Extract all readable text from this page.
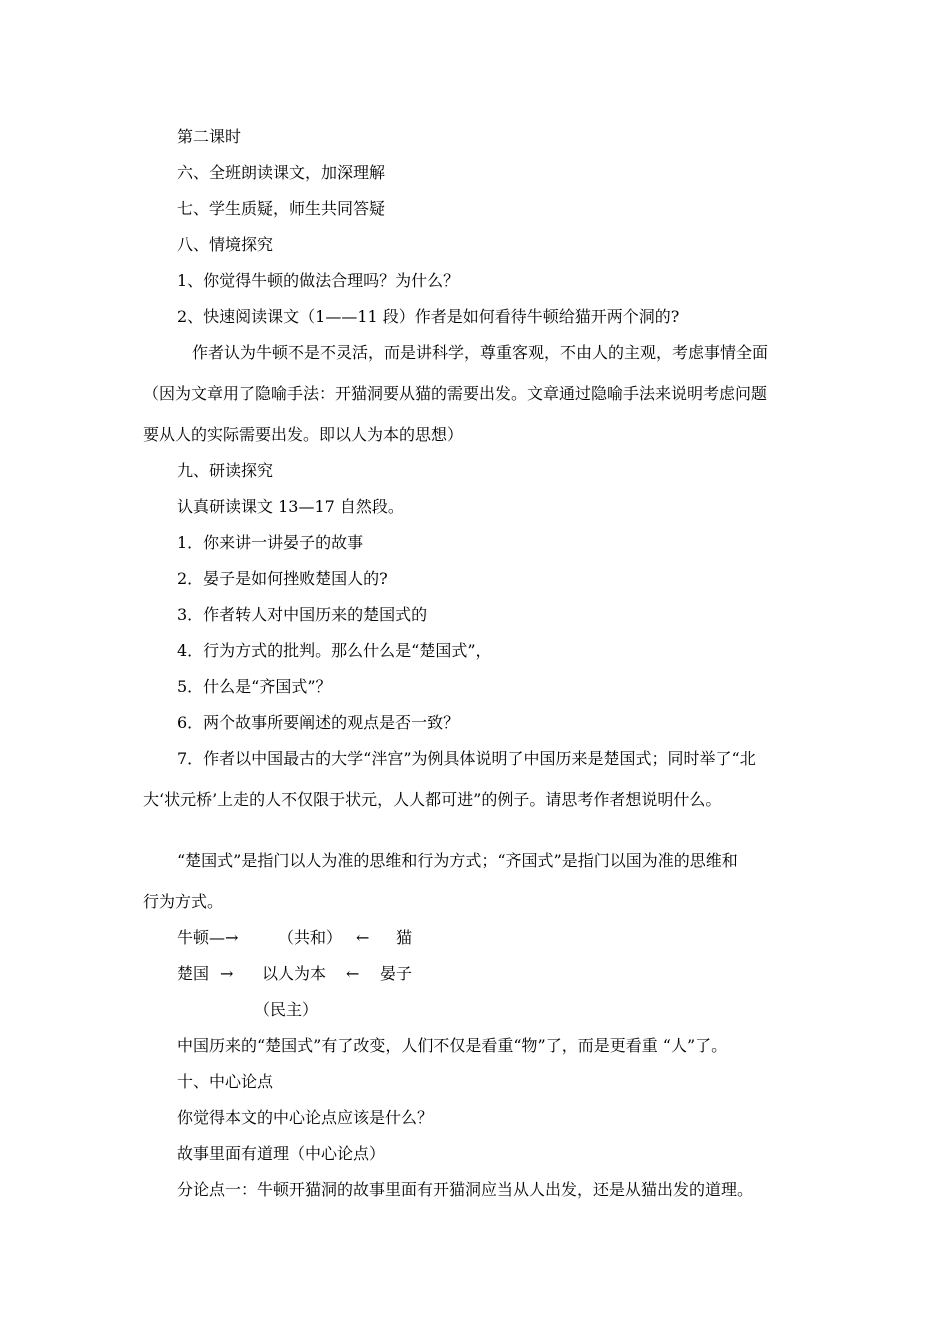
第二课时
六、全班朗读课文，加深理解
七、学生质疑，师生共同答疑
八、情境探究
1、你觉得牛顿的做法合理吗？为什么？
2、快速阅读课文（1——11 段）作者是如何看待牛顿给猫开两个洞的?
作者认为牛顿不是不灵活，而是讲科学，尊重客观，不由人的主观，考虑事情全面
（因为文章用了隐喻手法：开猫洞要从猫的需要出发。文章通过隐喻手法来说明考虑问题
要从人的实际需要出发。即以人为本的思想）
九、研读探究
认真研读课文 13—17 自然段。
1．你来讲一讲晏子的故事
2．晏子是如何挫败楚国人的?
3．作者转人对中国历来的楚国式的
4．行为方式的批判。那么什么是“楚国式”，
5．什么是“齐国式”？
6．两个故事所要阐述的观点是否一致？
7．作者以中国最古的大学“泮宫”为例具体说明了中国历来是楚国式；同时举了“北
大‘状元桥’上走的人不仅限于状元，人人都可进”的例子。请思考作者想说明什么。
“楚国式”是指门以人为准的思维和行为方式；“齐国式”是指门以国为准的思维和
行为方式。
牛顿—→ （共和） ← 猫
楚国 → 以人为本 ← 晏子
（民主）
中国历来的“楚国式”有了改变，人们不仅是看重“物”了，而是更看重 “人”了。
十、中心论点
你觉得本文的中心论点应该是什么？
故事里面有道理（中心论点）
分论点一：牛顿开猫洞的故事里面有开猫洞应当从人出发，还是从猫出发的道理。
